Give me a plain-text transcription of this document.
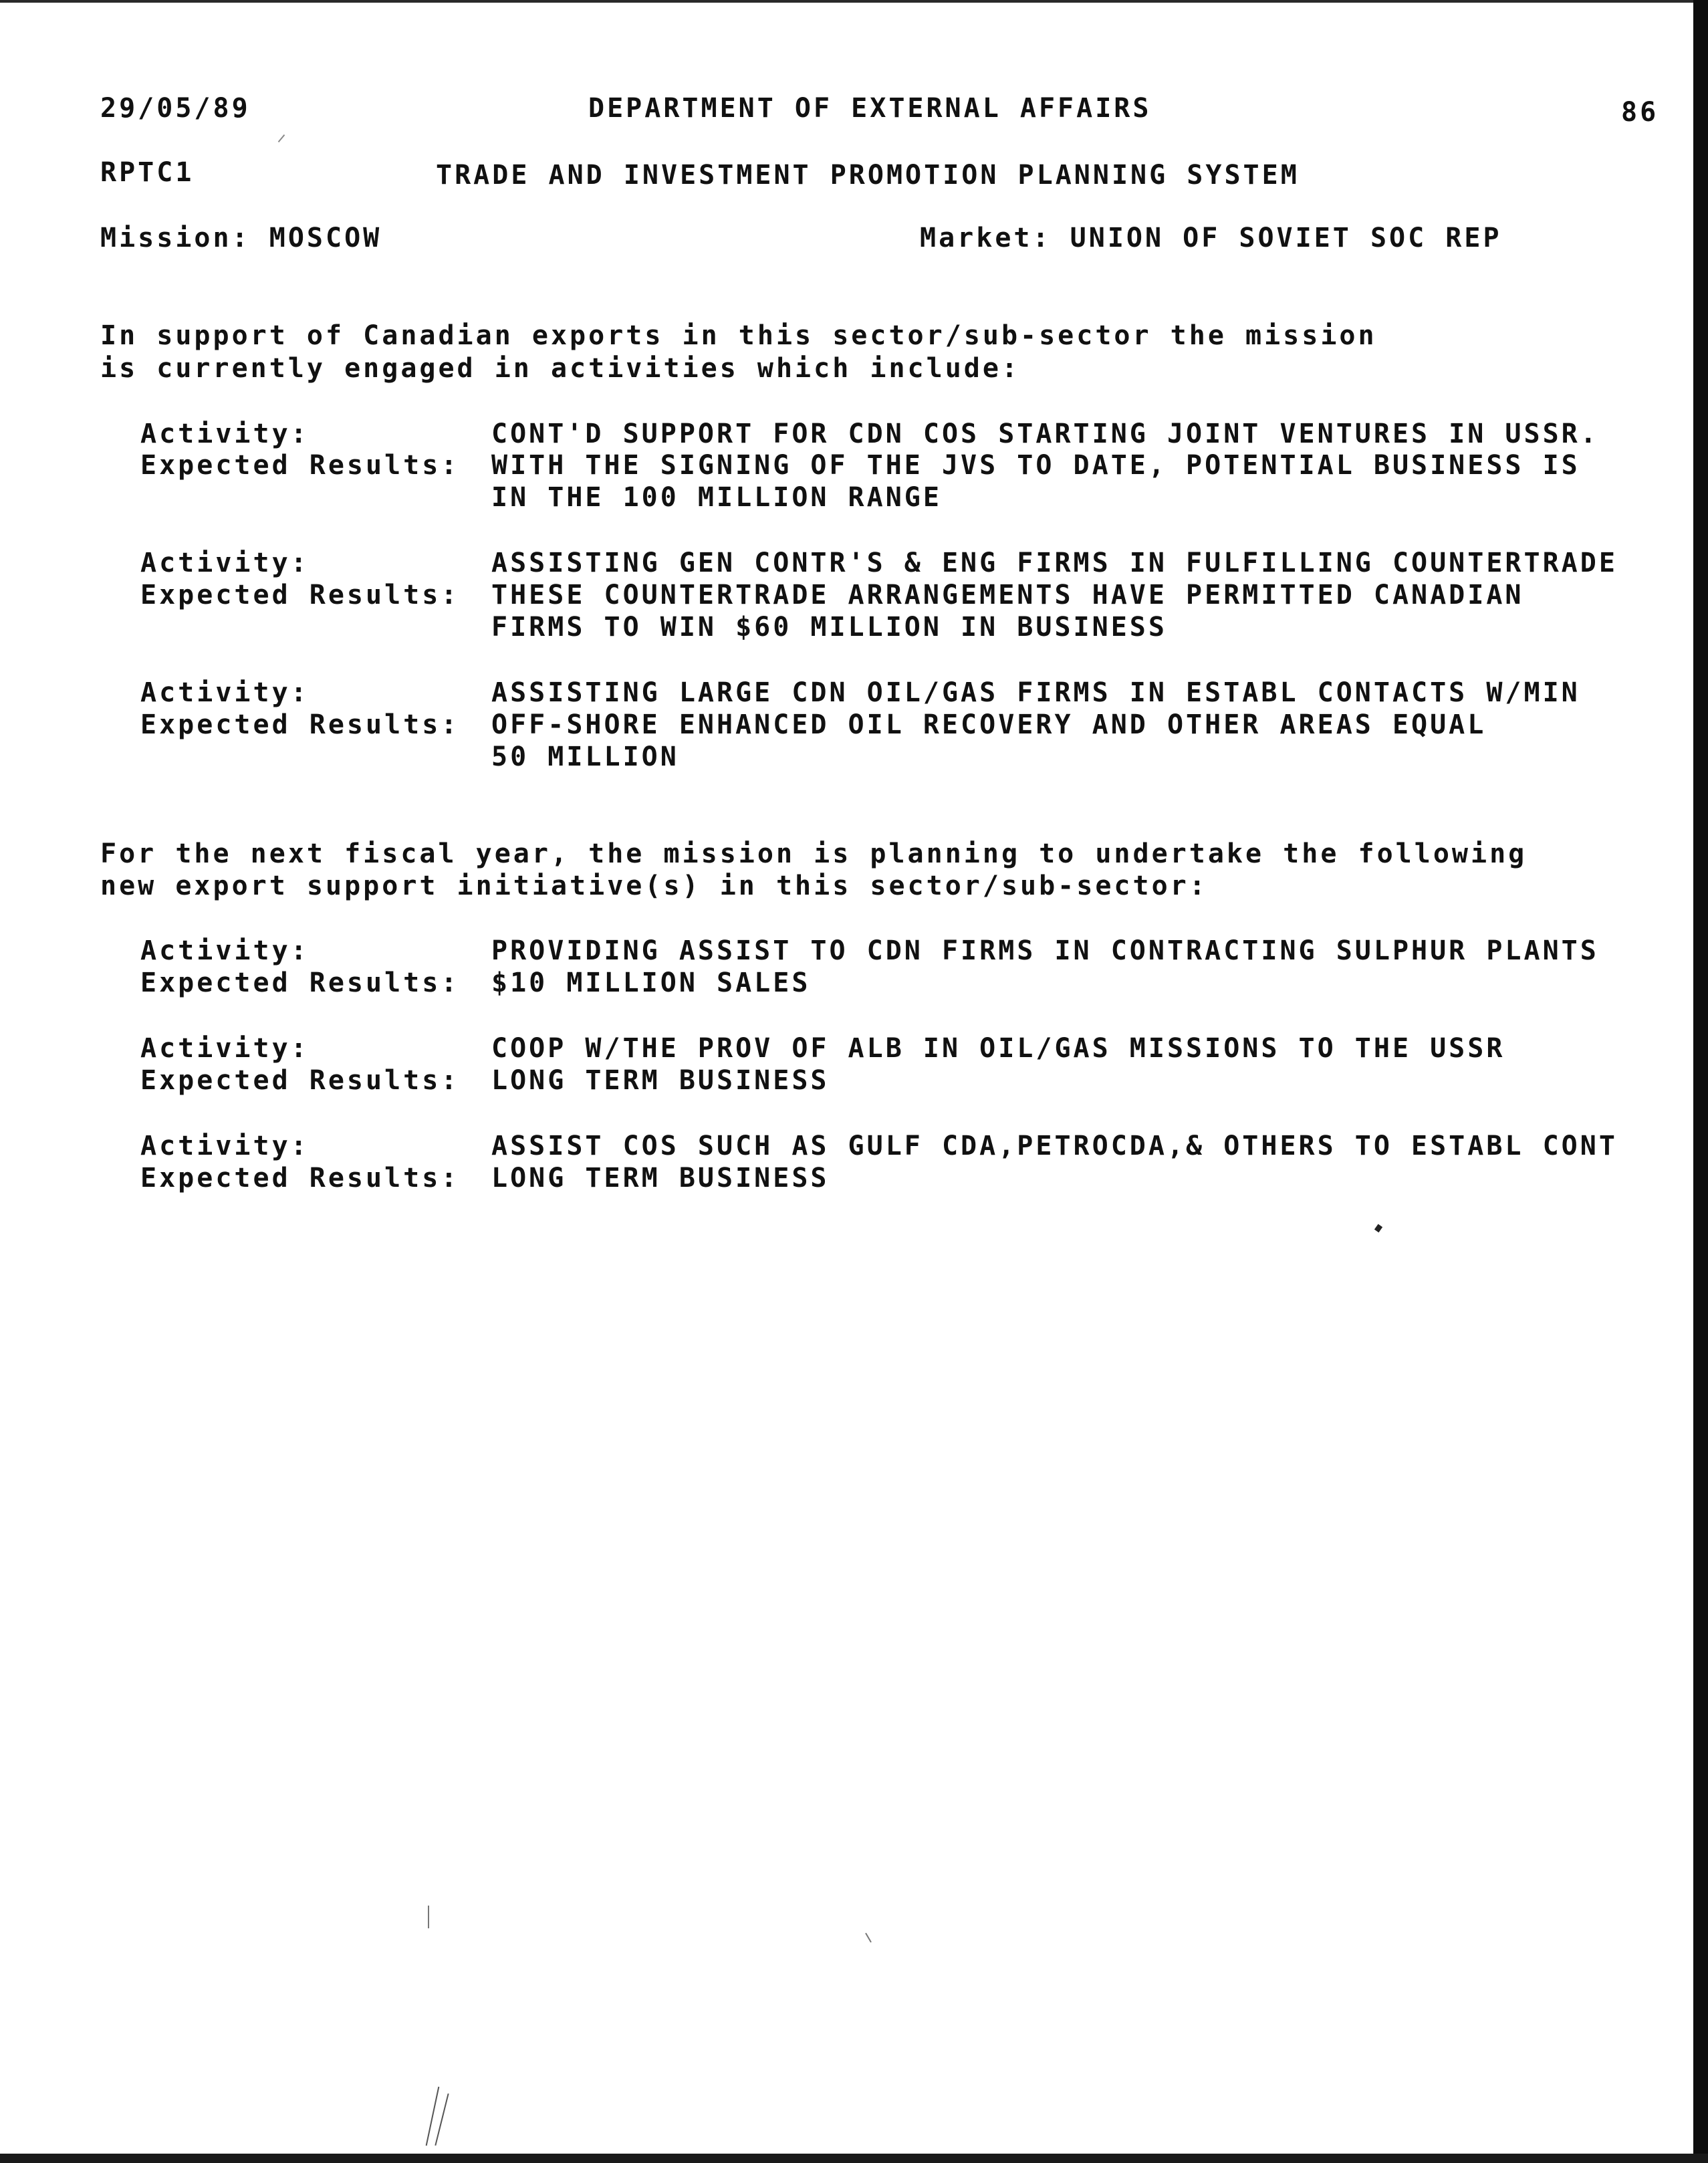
29/05/89	DEPARTMENT OF EXTERNAL AFFAIRS	86
RPTC1	TRADE AND INVESTMENT PROMOTION PLANNING SYSTEM
Mission: MOSCOW	Market: UNION OF SOVIET SOC REP
In support of Canadian exports in this sector/sub-sector the mission
is currently engaged in activities which include:
Activity:	CONT'D SUPPORT FOR CDN COS STARTING JOINT VENTURES IN USSR.
Expected Results: WITH THE SIGNING OF THE JVS TO DATE, POTENTIAL BUSINESS IS
IN THE 100 MILLION RANGE
Activity:	ASSISTING GEN CONTR'S & ENG FIRMS IN FULFILLING COUNTERTRADE
Expected Results: THESE COUNTERTRADE ARRANGEMENTS HAVE PERMITTED CANADIAN
FIRMS TO WIN $60 MILLION IN BUSINESS
Activity:	ASSISTING LARGE CDN OIL/GAS FIRMS IN ESTABL CONTACTS W/MIN
Expected Results: OFF-SHORE ENHANCED OIL RECOVERY AND OTHER AREAS EQUAL
50 MILLION
For the next fiscal year, the mission is planning to undertake the following
new export support initiative(s) in this sector/sub-sector:
Activity:	PROVIDING ASSIST TO CDN FIRMS IN CONTRACTING SULPHUR PLANTS
Expected Results: $10 MILLION SALES
Activity:	COOP W/THE PROV OF ALB IN OIL/GAS MISSIONS TO THE USSR
Expected Results: LONG TERM BUSINESS
Activity:	ASSIST COS SUCH AS GULF CDA,PETROCDA,& OTHERS TO ESTABL CONT
Expected Results: LONG TERM BUSINESS
